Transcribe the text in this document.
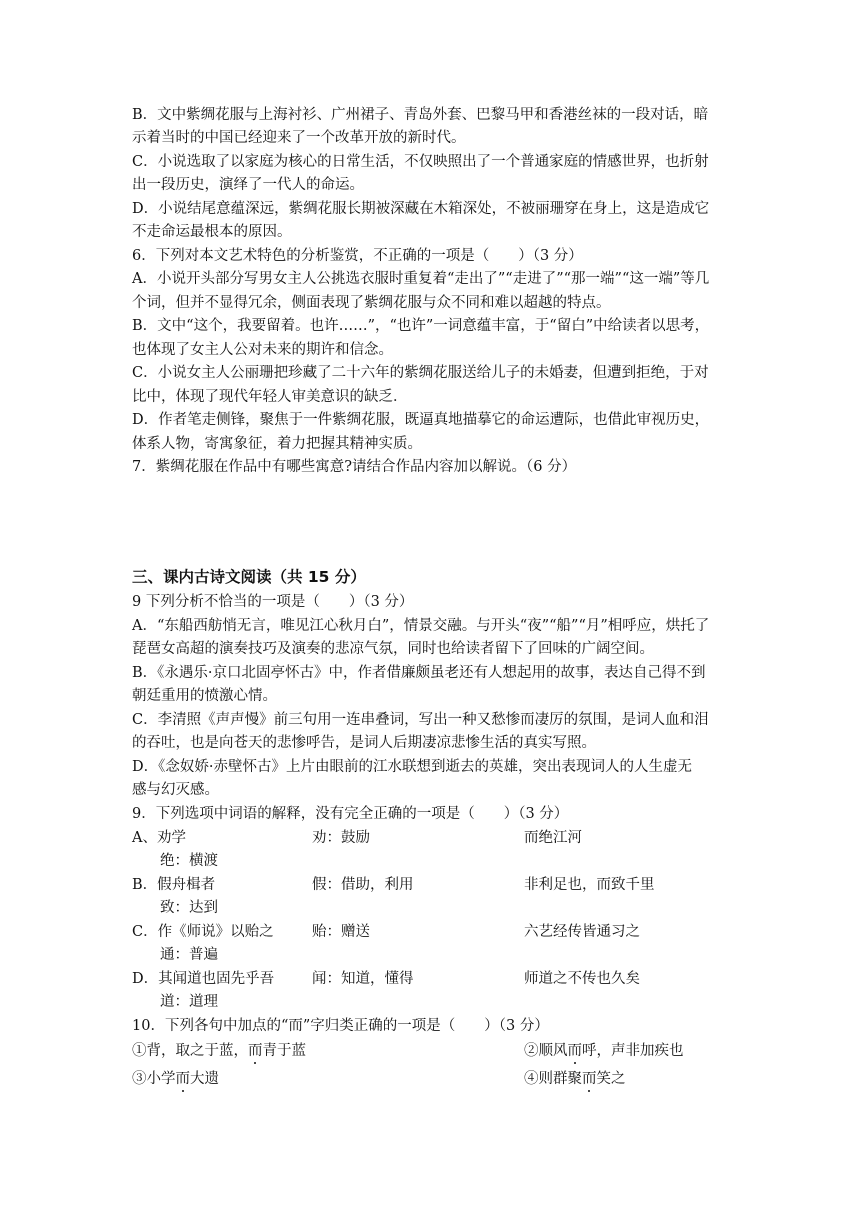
B．文中紫绸花服与上海衬衫、广州裙子、青岛外套、巴黎马甲和香港丝袜的一段对话，暗
示着当时的中国已经迎来了一个改革开放的新时代。
C．小说选取了以家庭为核心的日常生活，不仅映照出了一个普通家庭的情感世界，也折射
出一段历史，演绎了一代人的命运。
D．小说结尾意蕴深远，紫绸花服长期被深藏在木箱深处，不被丽珊穿在身上，这是造成它
不走命运最根本的原因。
6．下列对本文艺术特色的分析鉴赏，不正确的一项是（　　）（3 分）
A．小说开头部分写男女主人公挑选衣服时重复着“走出了”“走进了”“那一端”“这一端”等几
个词，但并不显得冗余，侧面表现了紫绸花服与众不同和难以超越的特点。
B．文中“这个，我要留着。也许……”，“也许”一词意蕴丰富，于“留白”中给读者以思考，
也体现了女主人公对未来的期许和信念。
C．小说女主人公丽珊把珍藏了二十六年的紫绸花服送给儿子的未婚妻，但遭到拒绝，于对
比中，体现了现代年轻人审美意识的缺乏．
D．作者笔走侧锋，聚焦于一件紫绸花服，既逼真地描摹它的命运遭际，也借此审视历史，
体系人物，寄寓象征，着力把握其精神实质。
7．紫绸花服在作品中有哪些寓意?请结合作品内容加以解说。（6 分）
三、课内古诗文阅读（共 15 分）
9 下列分析不恰当的一项是（　　）（3 分）
A．“东船西舫悄无言，唯见江心秋月白”，情景交融。与开头“夜”“船”“月”相呼应，烘托了
琵琶女高超的演奏技巧及演奏的悲凉气氛，同时也给读者留下了回味的广阔空间。
B．《永遇乐·京口北固亭怀古》中，作者借廉颇虽老还有人想起用的故事，表达自己得不到
朝廷重用的愤激心情。
C．李清照《声声慢》前三句用一连串叠词，写出一种又愁惨而凄厉的氛围，是词人血和泪
的吞吐，也是向苍天的悲惨呼告，是词人后期凄凉悲惨生活的真实写照。
D．《念奴娇·赤壁怀古》上片由眼前的江水联想到逝去的英雄，突出表现词人的人生虚无
感与幻灭感。
9．下列选项中词语的解释，没有完全正确的一项是（　　）（3 分）
A、劝学	劝：鼓励	而绝江河
绝：横渡
B．假舟楫者	假：借助，利用	非利足也，而致千里
致：达到
C．作《师说》以贻之	贻：赠送	六艺经传皆通习之
通：普遍
D．其闻道也固先乎吾	闻：知道，懂得	师道之不传也久矣
道：道理
10．下列各句中加点的“而”字归类正确的一项是（　　）（3 分）
①背，取之于蓝，而青于蓝	②顺风而呼，声非加疾也
③小学而大遗	④则群聚而笑之
